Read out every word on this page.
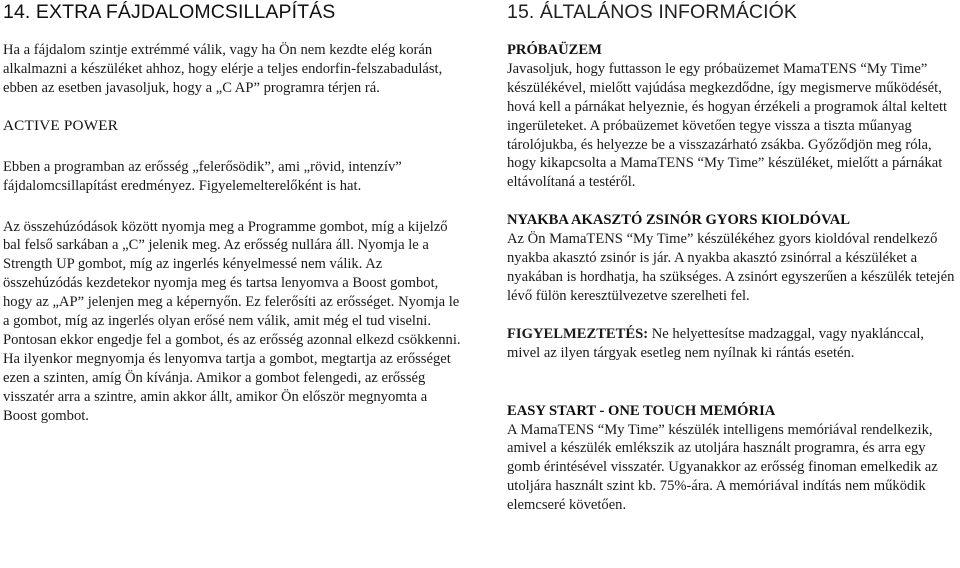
14. EXTRA FÁJDALOMCSILLAPÍTÁS

Ha a fájdalom szintje extrémmé válik, vagy ha Ön nem kezdte elég korán alkalmazni a készüléket ahhoz, hogy elérje a teljes endorfin-felszabadulást, ebben az esetben javasoljuk, hogy a „C AP” programra térjen rá.

ACTIVE POWER

Ebben a programban az erősség „felerősödik”, ami „rövid, intenzív” fájdalomcsillapítást eredményez. Figyelemelterelőként is hat.

Az összehúzódások között nyomja meg a Programme gombot, míg a kijelző bal felső sarkában a „C” jelenik meg. Az erősség nullára áll. Nyomja le a Strength UP gombot, míg az ingerlés kényelmessé nem válik. Az összehúzódás kezdetekor nyomja meg és tartsa lenyomva a Boost gombot, hogy az „AP” jelenjen meg a képernyőn. Ez felerősíti az erősséget. Nyomja le a gombot, míg az ingerlés olyan erősé nem válik, amit még el tud viselni. Pontosan ekkor engedje fel a gombot, és az erősség azonnal elkezd csökkenni. Ha ilyenkor megnyomja és lenyomva tartja a gombot, megtartja az erősséget ezen a szinten, amíg Ön kívánja. Amikor a gombot felengedi, az erősség visszatér arra a szintre, amin akkor állt, amikor Ön először megnyomta a Boost gombot.

15. ÁLTALÁNOS INFORMÁCIÓK
PRÓBAÜZEM

Javasoljuk, hogy futtasson le egy próbaüzemet MamaTENS “My Time” készülékével, mielőtt vajúdása megkezdődne, így megismerve működését, hová kell a párnákat helyeznie, és hogyan érzékeli a programok által keltett ingerületeket. A próbaüzemet követően tegye vissza a tiszta műanyag tárolójukba, és helyezze be a visszazárható zsákba. Győződjön meg róla, hogy kikapcsolta a MamaTENS “My Time” készüléket, mielőtt a párnákat eltávolítaná a testéről.

NYAKBA AKASZTÓ ZSINÓR GYORS KIOLDÓVAL

Az Ön MamaTENS “My Time” készülékéhez gyors kioldóval rendelkező nyakba akasztó zsinór is jár. A nyakba akasztó zsinórral a készüléket a nyakában is hordhatja, ha szükséges. A zsinórt egyszerűen a készülék tetején lévő fülön keresztülvezetve szerelheti fel.

FIGYELMEZTETÉS: Ne helyettesítse madzaggal, vagy nyaklánccal, mivel az ilyen tárgyak esetleg nem nyílnak ki rántás esetén.

EASY START - ONE TOUCH MEMÓRIA

A MamaTENS “My Time” készülék intelligens memóriával rendelkezik, amivel a készülék emlékszik az utoljára használt programra, és arra egy gomb érintésével visszatér. Ugyanakkor az erősség finoman emelkedik az utoljára használt szint kb. 75%-ára. A memóriával indítás nem működik elemcseré követően.
